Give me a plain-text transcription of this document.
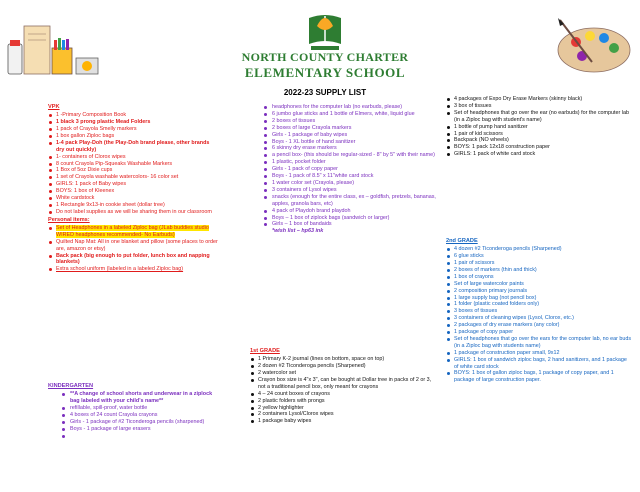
NORTH COUNTY CHARTER
ELEMENTARY SCHOOL
2022-23 SUPPLY LIST
VPK
1 -Primary Composition Book
1 black 3 prong plastic Mead Folders
1 pack of Crayola Smelly markers
1 box gallon Ziploc bags
1-4 pack Play-Doh (the Play-Doh brand please, other brands dry out quickly)
1- containers of Clorox wipes
8 count Crayola Pip-Squeaks Washable Markers
1 Box of 5oz Dixie cups
1 set of Crayola washable watercolors- 16 color set
GIRLS: 1 pack of Baby wipes
BOYS: 1 box of Kleenex
White cardstock
1 Rectangle 9x13-in cookie sheet (dollar tree)
Do not label supplies as we will be sharing them in our classroom
Personal items:
Set of Headphones in a labeled Ziploc bag (JLab buddies studio WIRED headphones recommended- No Earbuds)
Quilted Nap Mat: All in one blanket and pillow (some places to order are, amazon or etsy)
Back pack (big enough to put folder, lunch box and napping blankets)
Extra school uniform (labeled in a labeled Ziploc bag)
KINDERGARTEN
**A change of school shorts and underwear in a ziplock bag labeled with your child's name**
refillable, spill-proof, water bottle
4 boxes of 24 count Crayola crayons
Girls - 1 package of #2 Ticonderoga pencils (sharpened)
Boys - 1 package of large erasers
headphones for the computer lab (no earbuds, please)
6 jumbo glue sticks and 1 bottle of Elmers, white, liquid glue
2 boxes of tissues
2 boxes of large Crayola markers
Girls - 1 package of baby wipes
Boys - 1 XL bottle of hand sanitizer
6 skinny dry erase markers
a pencil box- (this should be regular-sized - 8" by 5" with their name)
1 plastic, pocket folder
Girls - 1 pack of copy paper
Boys - 1 pack of 8.5" x 11"white card stock
1 water color set (Crayola, please)
3 containers of Lysol wipes
snacks (enough for the entire class, ex – goldfish, pretzels, bananas, apples, granola bars, etc)
4 pack of Playdoh brand playdoh
Boys – 1 box of ziplock bags (sandwich or larger)
Girls – 1 box of bandaids
*wish list – hp63 ink
1st GRADE
1 Primary K-2 journal (lines on bottom, space on top)
2 dozen #2 Ticonderoga pencils (Sharpened)
2 watercolor set
Crayon box size is 4"x 3", can be bought at Dollar tree in packs of 2 or 3, not a traditional pencil box, only meant for crayons
4 – 24 count boxes of crayons
2 plastic folders with prongs
2 yellow highlighter
2 containers Lysol/Clorox wipes
1 package baby wipes
4 packages of Expo Dry Erase Markers (skinny black)
3 box of tissues
Set of headphones that go over the ear (no earbuds) for the computer lab (in a Ziploc bag with student's name)
1 bottle of pump hand sanitizer
1 pair of kid scissors
Backpack (NO wheels)
BOYS: 1 pack 12x18 construction paper
GIRLS: 1 pack of white card stock
2nd GRADE
4 dozen #2 Ticonderoga pencils (Sharpened)
6 glue sticks
1 pair of scissors
2 boxes of markers (thin and thick)
1 box of crayons
Set of large watercolor paints
2 composition primary journals
1 large supply bag (not pencil box)
1 folder (plastic coated folders only)
3 boxes of tissues
3 containers of cleaning wipes (Lysol, Clorox, etc.)
2 packages of dry erase markers (any color)
1 package of copy paper
Set of headphones that go over the ears for the computer lab, no ear buds (in a Ziploc bag with students name)
1 package of construction paper small, 9x12
GIRLS: 1 box of sandwich ziploc bags, 2 hand sanitizers, and 1 package of white card stock
BOYS: 1 box of gallon ziploc bags, 1 package of copy paper, and 1 package of large construction paper.
